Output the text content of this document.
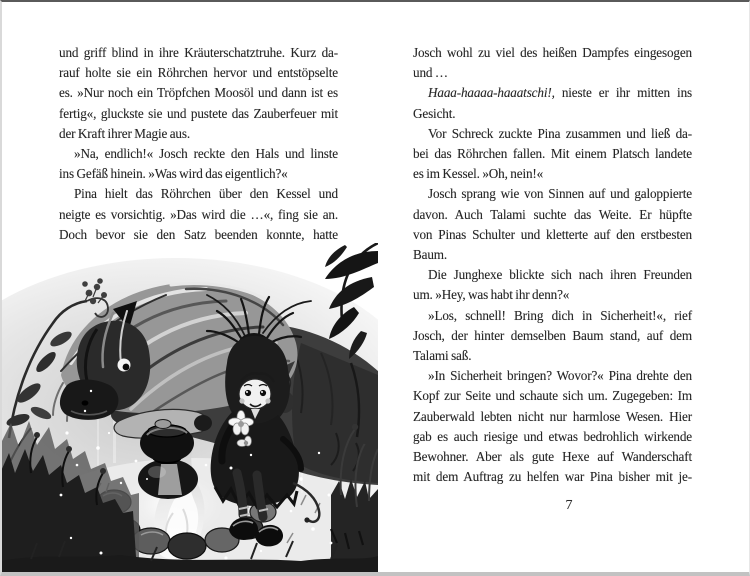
und griff blind in ihre Kräuterschatztruhe. Kurz da-
rauf holte sie ein Röhrchen hervor und entstöpselte
es. »Nur noch ein Tröpfchen Moosöl und dann ist es
fertig«, gluckste sie und pustete das Zauberfeuer mit
der Kraft ihrer Magie aus.
»Na, endlich!« Josch reckte den Hals und linste
ins Gefäß hinein. »Was wird das eigentlich?«
Pina hielt das Röhrchen über den Kessel und
neigte es vorsichtig. »Das wird die …«, fing sie an.
Doch bevor sie den Satz beenden konnte, hatte
Josch wohl zu viel des heißen Dampfes eingesogen
und …
Haaa-haaaa-haaatschi!, nieste er ihr mitten ins
Gesicht.
Vor Schreck zuckte Pina zusammen und ließ da-
bei das Röhrchen fallen. Mit einem Platsch landete
es im Kessel. »Oh, nein!«
Josch sprang wie von Sinnen auf und galoppierte
davon. Auch Talami suchte das Weite. Er hüpfte
von Pinas Schulter und kletterte auf den erstbesten
Baum.
Die Junghexe blickte sich nach ihren Freunden
um. »Hey, was habt ihr denn?«
»Los, schnell! Bring dich in Sicherheit!«, rief
Josch, der hinter demselben Baum stand, auf dem
Talami saß.
»In Sicherheit bringen? Wovor?« Pina drehte den
Kopf zur Seite und schaute sich um. Zugegeben: Im
Zauberwald lebten nicht nur harmlose Wesen. Hier
gab es auch riesige und etwas bedrohlich wirkende
Bewohner. Aber als gute Hexe auf Wanderschaft
mit dem Auftrag zu helfen war Pina bisher mit je-
7
